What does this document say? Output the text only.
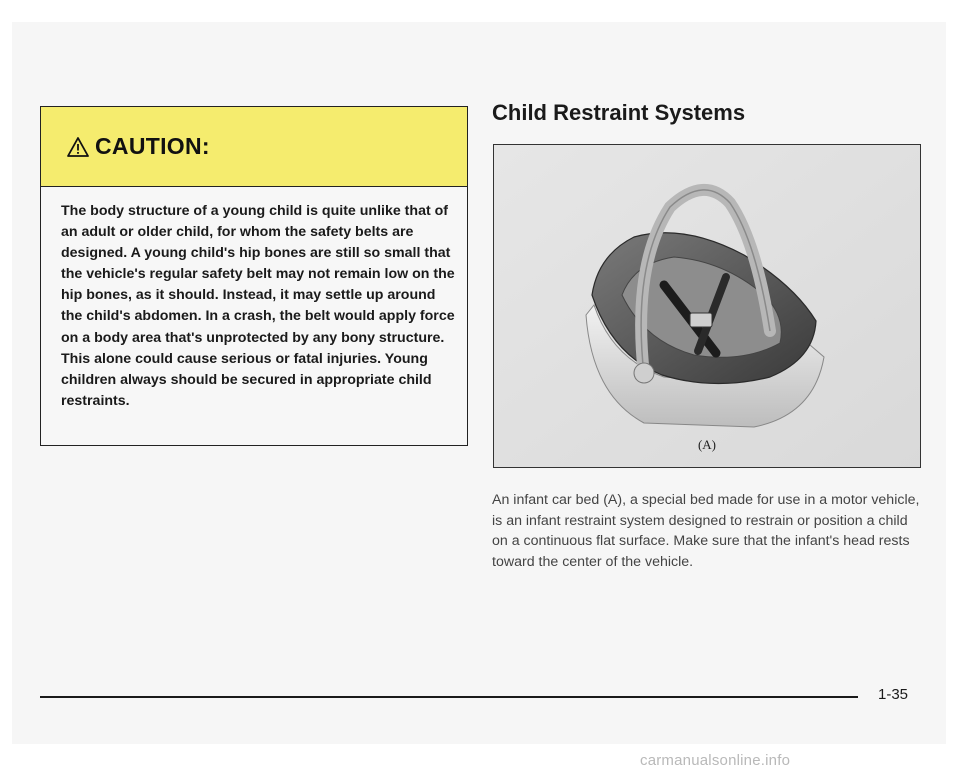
CAUTION:

The body structure of a young child is quite unlike that of an adult or older child, for whom the safety belts are designed. A young child's hip bones are still so small that the vehicle's regular safety belt may not remain low on the hip bones, as it should. Instead, it may settle up around the child's abdomen. In a crash, the belt would apply force on a body area that's unprotected by any bony structure. This alone could cause serious or fatal injuries. Young children always should be secured in appropriate child restraints.

Child Restraint Systems
(A)

An infant car bed (A), a special bed made for use in a motor vehicle, is an infant restraint system designed to restrain or position a child on a continuous flat surface. Make sure that the infant's head rests toward the center of the vehicle.

1-35
carmanualsonline.info
